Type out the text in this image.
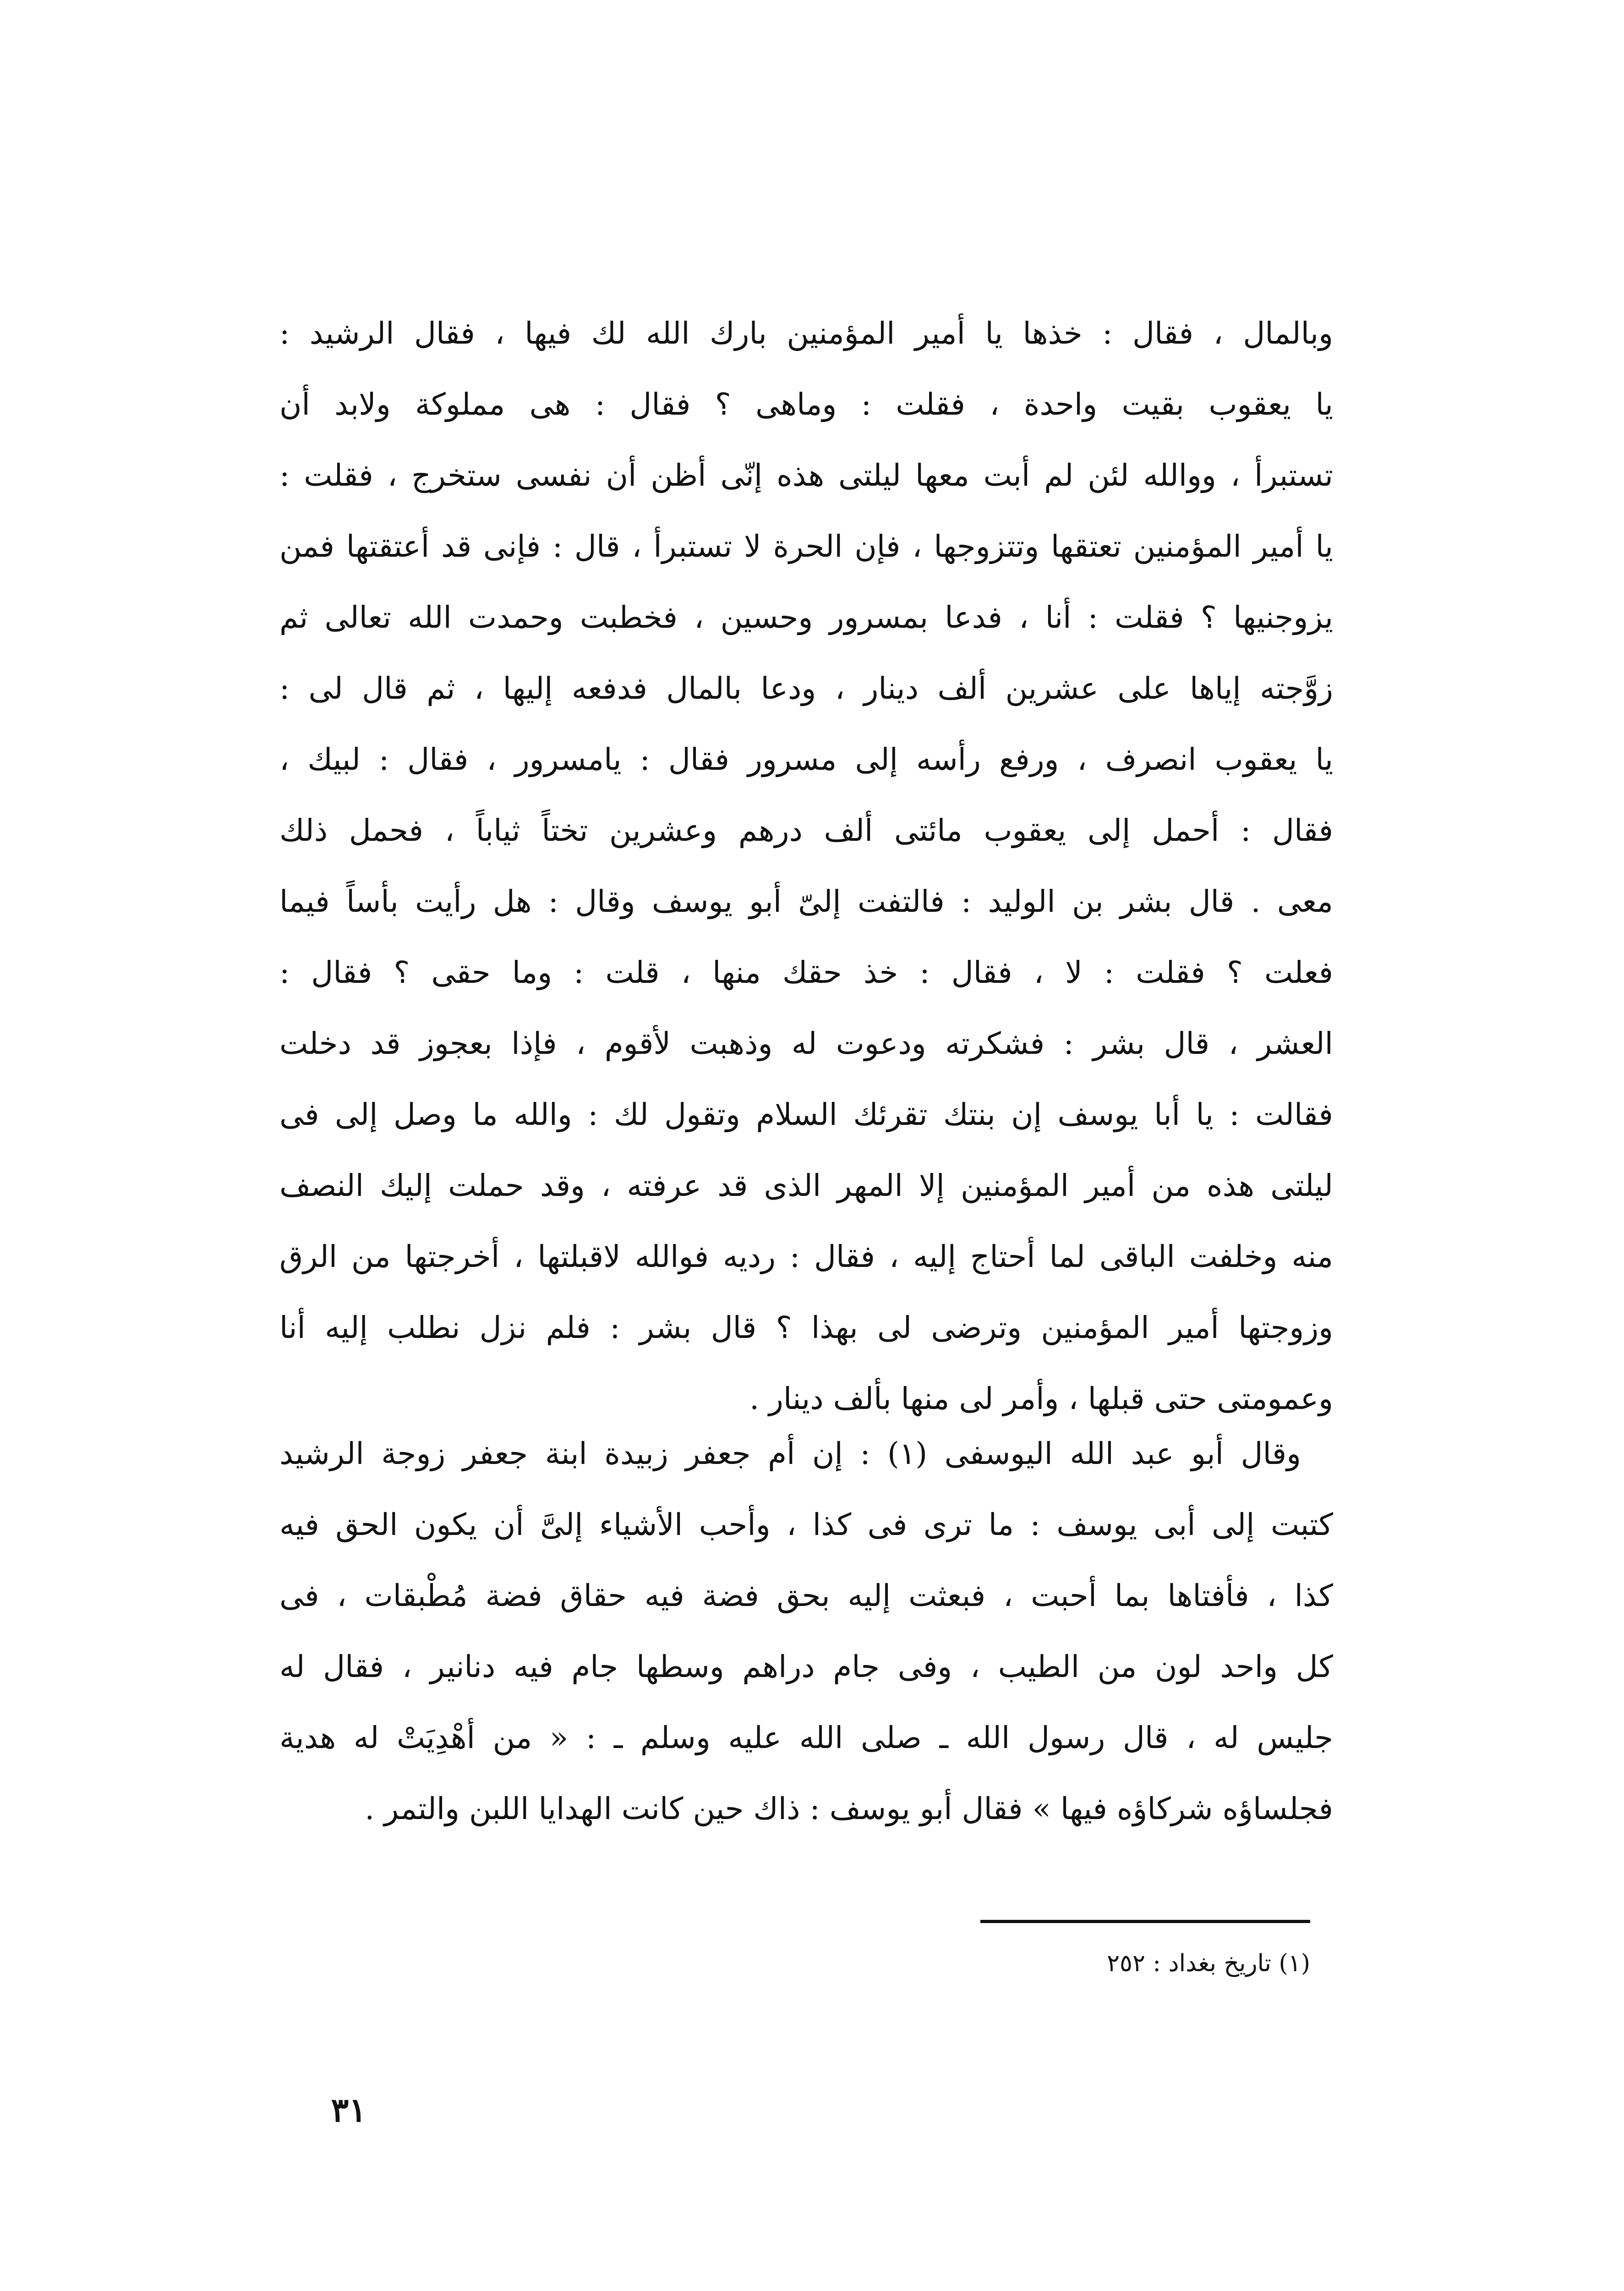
وبالمال ، فقال : خذها يا أمير المؤمنين بارك الله لك فيها ، فقال الرشيد :
يا يعقوب بقيت واحدة ، فقلت : وماهى ؟ فقال : هى مملوكة ولابد أن
تستبرأ ، ووالله لئن لم أبت معها ليلتى هذه إنّى أظن أن نفسى ستخرج ، فقلت :
يا أمير المؤمنين تعتقها وتتزوجها ، فإن الحرة لا تستبرأ ، قال : فإنى قد أعتقتها فمن
يزوجنيها ؟ فقلت : أنا ، فدعا بمسرور وحسين ، فخطبت وحمدت الله تعالى ثم
زوَّجته إياها على عشرين ألف دينار ، ودعا بالمال فدفعه إليها ، ثم قال لى :
يا يعقوب انصرف ، ورفع رأسه إلى مسرور فقال : يامسرور ، فقال : لبيك ،
فقال : أحمل إلى يعقوب مائتى ألف درهم وعشرين تختاً ثياباً ، فحمل ذلك
معى . قال بشر بن الوليد : فالتفت إلىّ أبو يوسف وقال : هل رأيت بأساً فيما
فعلت ؟ فقلت : لا ، فقال : خذ حقك منها ، قلت : وما حقى ؟ فقال :
العشر ، قال بشر : فشكرته ودعوت له وذهبت لأقوم ، فإذا بعجوز قد دخلت
فقالت : يا أبا يوسف إن بنتك تقرئك السلام وتقول لك : والله ما وصل إلى فى
ليلتى هذه من أمير المؤمنين إلا المهر الذى قد عرفته ، وقد حملت إليك النصف
منه وخلفت الباقى لما أحتاج إليه ، فقال : رديه فوالله لاقبلتها ، أخرجتها من الرق
وزوجتها أمير المؤمنين وترضى لى بهذا ؟ قال بشر : فلم نزل نطلب إليه أنا
وعمومتى حتى قبلها ، وأمر لى منها بألف دينار .
وقال أبو عبد الله اليوسفى (١) : إن أم جعفر زبيدة ابنة جعفر زوجة الرشيد
كتبت إلى أبى يوسف : ما ترى فى كذا ، وأحب الأشياء إلىَّ أن يكون الحق فيه
كذا ، فأفتاها بما أحبت ، فبعثت إليه بحق فضة فيه حقاق فضة مُطْبقات ، فى
كل واحد لون من الطيب ، وفى جام دراهم وسطها جام فيه دنانير ، فقال له
جليس له ، قال رسول الله ـ صلى الله عليه وسلم ـ : « من أهْدِيَتْ له هدية
فجلساؤه شركاؤه فيها » فقال أبو يوسف : ذاك حين كانت الهدايا اللبن والتمر .
(١) تاريخ بغداد : ٢٥٢
٣١
